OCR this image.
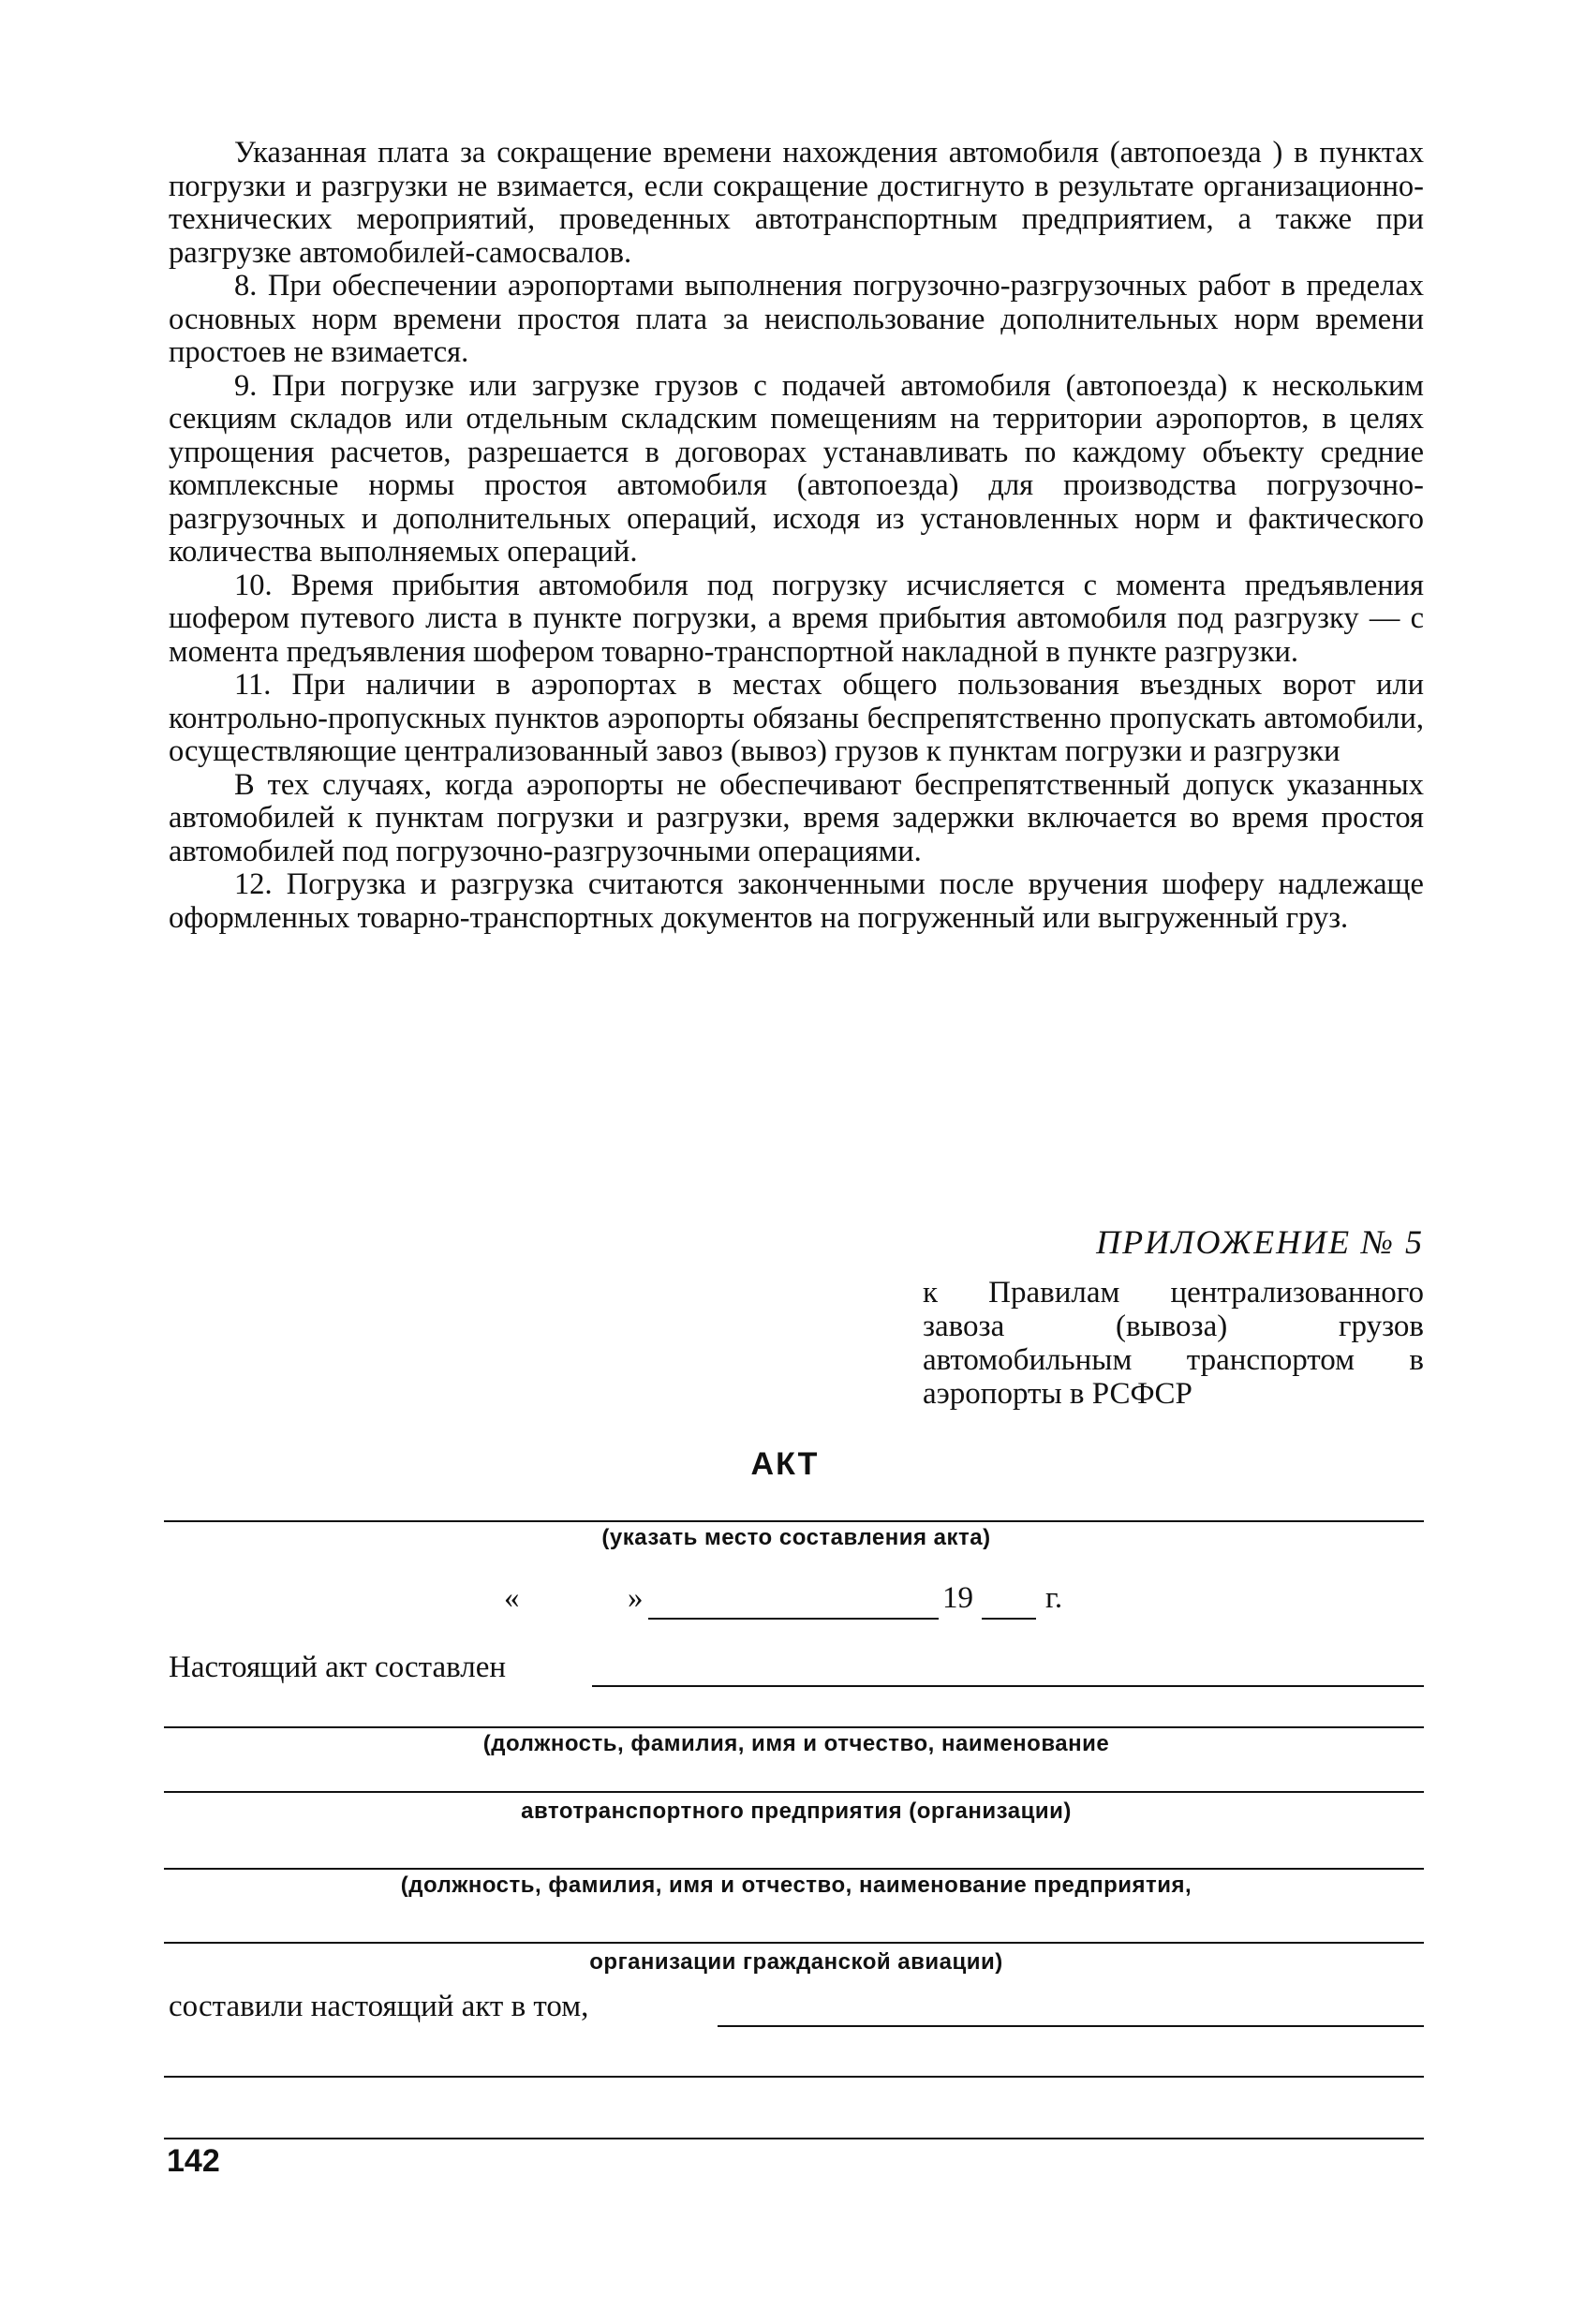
Указанная плата за сокращение времени нахождения автомобиля (автопоезда ) в пунктах погрузки и разгрузки не взимается, если сокращение достигнуто в результате организационно-технических мероприятий, проведенных автотранспортным предприятием, а также при разгрузке автомобилей-самосвалов.

8. При обеспечении аэропортами выполнения погрузочно-разгрузочных работ в пределах основных норм времени простоя плата за неиспользование дополнительных норм времени простоев не взимается.

9. При погрузке или загрузке грузов с подачей автомобиля (автопоезда) к нескольким секциям складов или отдельным складским помещениям на территории аэропортов, в целях упрощения расчетов, разрешается в договорах устанавливать по каждому объекту средние комплексные нормы простоя автомобиля (автопоезда) для производства погрузочно-разгрузочных и дополнительных операций, исходя из установленных норм и фактического количества выполняемых операций.

10. Время прибытия автомобиля под погрузку исчисляется с момента предъявления шофером путевого листа в пункте погрузки, а время прибытия автомобиля под разгрузку — с момента предъявления шофером товарно-транспортной накладной в пункте разгрузки.

11. При наличии в аэропортах в местах общего пользования въездных ворот или контрольно-пропускных пунктов аэропорты обязаны беспрепятственно пропускать автомобили, осуществляющие централизованный завоз (вывоз) грузов к пунктам погрузки и разгрузки

В тех случаях, когда аэропорты не обеспечивают беспрепятственный допуск указанных автомобилей к пунктам погрузки и разгрузки, время задержки включается во время простоя автомобилей под погрузочно-разгрузочными операциями.

12. Погрузка и разгрузка считаются законченными после вручения шоферу надлежаще оформленных товарно-транспортных документов на погруженный или выгруженный груз.

ПРИЛОЖЕНИЕ № 5
к Правилам централизованного завоза (вывоза) грузов автомобильным транспортом в аэропорты в РСФСР
АКТ
(указать место составления акта)
«	»	19 г.
Настоящий акт составлен
(должность, фамилия, имя и отчество, наименование
автотранспортного предприятия (организации)
(должность, фамилия, имя и отчество, наименование предприятия,
организации гражданской авиации)
составили настоящий акт в том,
142
